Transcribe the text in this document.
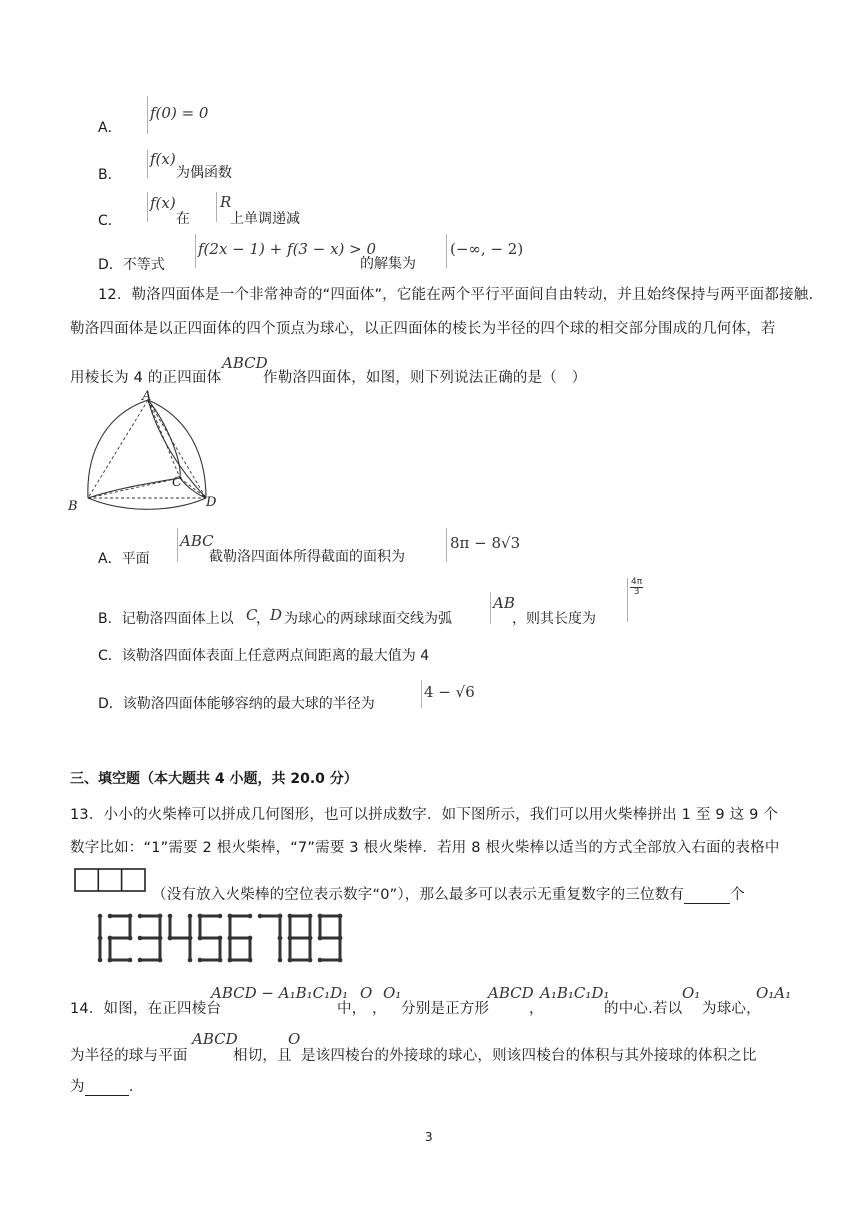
A．
f(0) = 0
B．
f(x)
为偶函数
C．
f(x)
在
R
上单调递减
D．不等式
f(2x − 1) + f(3 − x) > 0
的解集为
(−∞, − 2)
12．勒洛四面体是一个非常神奇的“四面体”，它能在两个平行平面间自由转动，并且始终保持与两平面都接触.
勒洛四面体是以正四面体的四个顶点为球心，以正四面体的棱长为半径的四个球的相交部分围成的几何体，若
用棱长为 4 的正四面体
ABCD
作勒洛四面体，如图，则下列说法正确的是（　）
A
B
C
D
A．平面
ABC
截勒洛四面体所得截面的面积为
8π − 8√3
B．记勒洛四面体上以 C
， D 为球心的两球球面交线为弧
AB
，则其长度为
$\frac{4\pi}{3}$
C．该勒洛四面体表面上任意两点间距离的最大值为 4
D．该勒洛四面体能够容纳的最大球的半径为
4 − √6
三、填空题（本大题共 4 小题，共 20.0 分）
13．小小的火柴棒可以拼成几何图形，也可以拼成数字．如下图所示，我们可以用火柴棒拼出 1 至 9 这 9 个
数字比如：“1”需要 2 根火柴棒，“7”需要 3 根火柴棒．若用 8 根火柴棒以适当的方式全部放入右面的表格中
（没有放入火柴棒的空位表示数字“0”），那么最多可以表示无重复数字的三位数有	个
14．如图，在正四棱台
ABCD − A₁B₁C₁D₁
中，
O
，
O₁
分别是正方形
ABCD
，
A₁B₁C₁D₁
的中心.若以
O₁
为球心，
O₁A₁
为半径的球与平面
ABCD
相切，且
O
是该四棱台的外接球的球心，则该四棱台的体积与其外接球的体积之比
为	.
3
